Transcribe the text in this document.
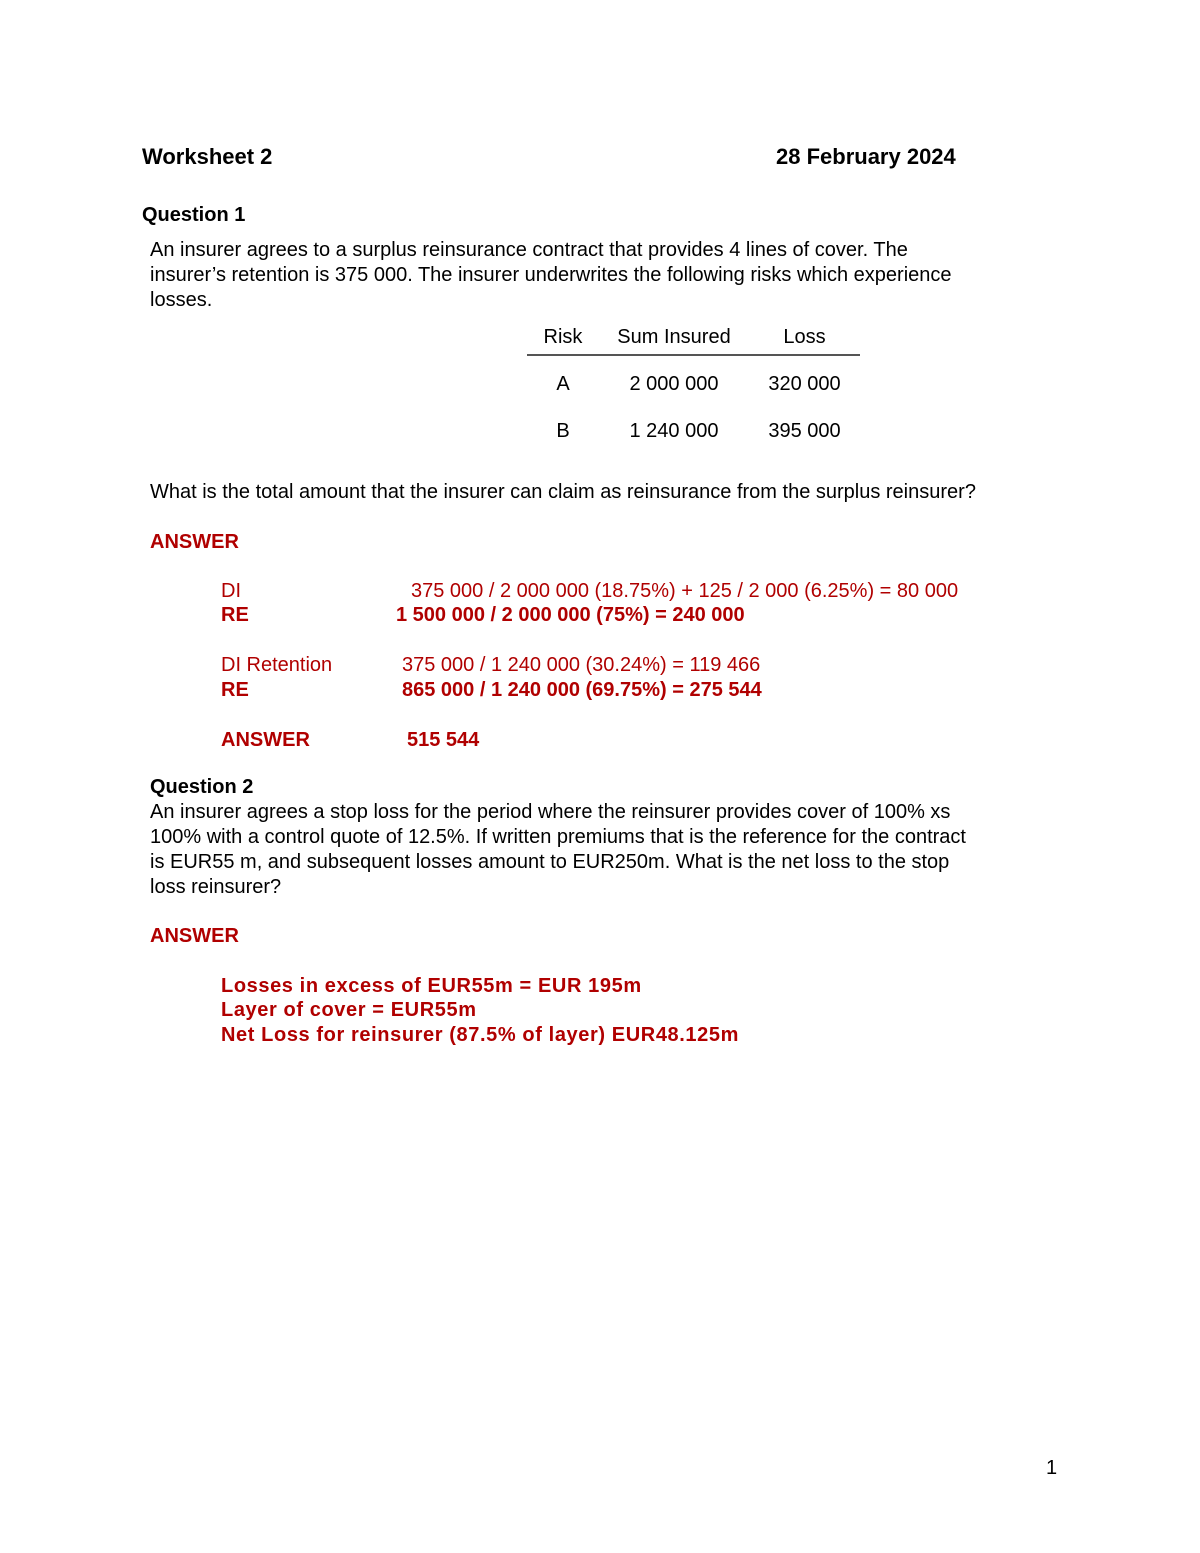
Worksheet 2	28 February 2024
Question 1
An insurer agrees to a surplus reinsurance contract that provides 4 lines of cover. The
insurer’s retention is 375 000. The insurer underwrites the following risks which experience
losses.
Risk	Sum Insured	Loss
A	2 000 000	320 000
B	1 240 000	395 000
What is the total amount that the insurer can claim as reinsurance from the surplus reinsurer?
ANSWER
DI	375 000 / 2 000 000 (18.75%) + 125 / 2 000 (6.25%) = 80 000
RE	1 500 000 / 2 000 000 (75%) = 240 000
DI Retention	375 000 / 1 240 000 (30.24%) = 119 466
RE	865 000 / 1 240 000 (69.75%) = 275 544
ANSWER	515 544
Question 2
An insurer agrees a stop loss for the period where the reinsurer provides cover of 100% xs
100% with a control quote of 12.5%. If written premiums that is the reference for the contract
is EUR55 m, and subsequent losses amount to EUR250m. What is the net loss to the stop
loss reinsurer?
ANSWER
Losses in excess of EUR55m = EUR 195m
Layer of cover = EUR55m
Net Loss for reinsurer (87.5% of layer) EUR48.125m
1
